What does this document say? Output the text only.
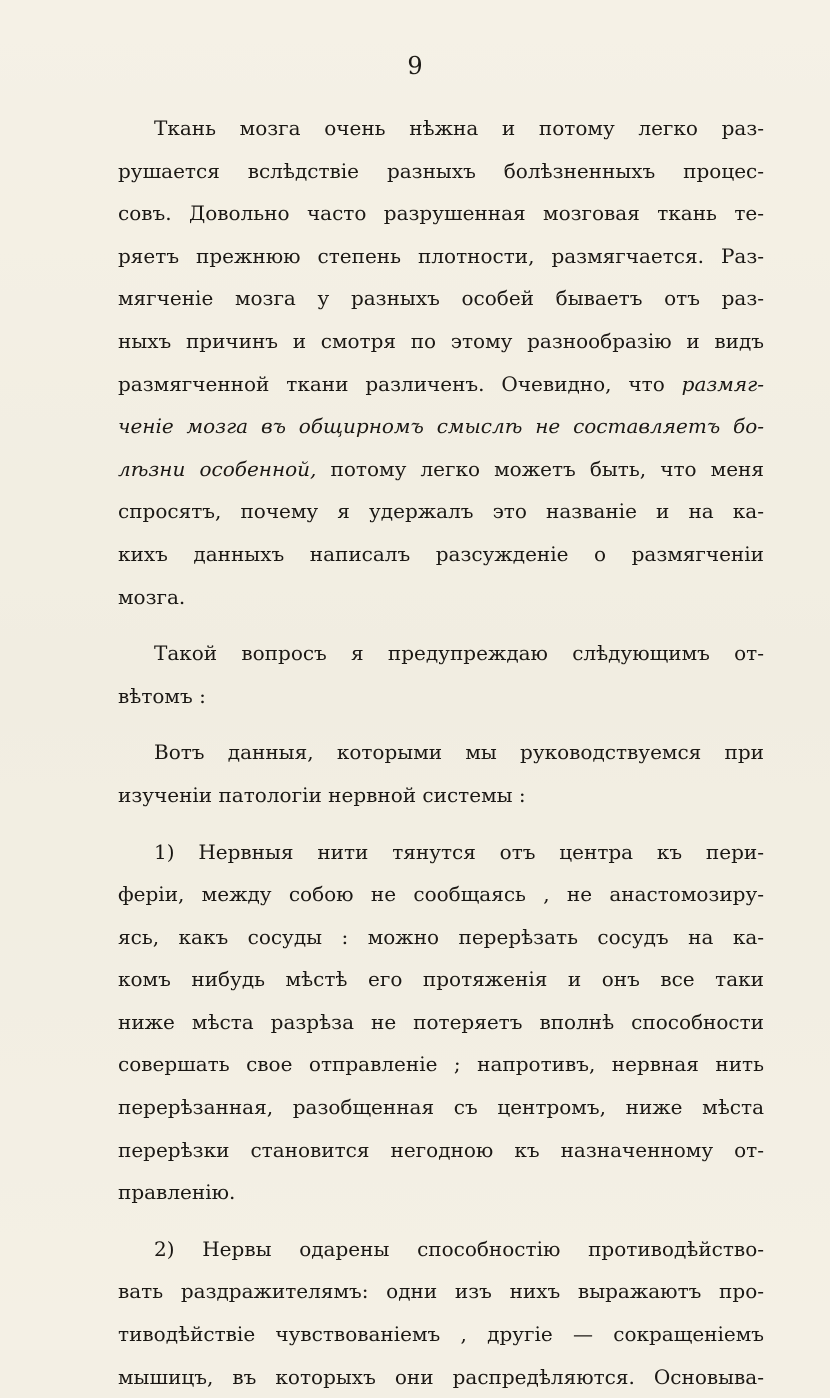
9
Ткань мозга очень нѣжна и потому легко раз-
рушается вслѣдствіе разныхъ болѣзненныхъ процес-
совъ. Довольно часто разрушенная мозговая ткань те-
ряетъ прежнюю степень плотности, размягчается. Раз-
мягченіе мозга у разныхъ особей бываетъ отъ раз-
ныхъ причинъ и смотря по этому разнообразію и видъ
размягченной ткани различенъ. Очевидно, что размяг-
ченіе мозга въ общирномъ смыслѣ не составляетъ бо-
лѣзни особенной, потому легко можетъ быть, что меня
спросятъ, почему я удержалъ это названіе и на ка-
кихъ данныхъ написалъ разсужденіе о размягченіи
мозга.
Такой вопросъ я предупреждаю слѣдующимъ от-
вѣтомъ :
Вотъ данныя, которыми мы руководствуемся при
изученіи патологіи нервной системы :
1) Нервныя нити тянутся отъ центра къ пери-
феріи, между собою не сообщаясь , не анастомозиру-
ясь, какъ сосуды : можно перерѣзать сосудъ на ка-
комъ нибудь мѣстѣ его протяженія и онъ все таки
ниже мѣста разрѣза не потеряетъ вполнѣ способности
совершать свое отправленіе ; напротивъ, нервная нить
перерѣзанная, разобщенная съ центромъ, ниже мѣста
перерѣзки становится негодною къ назначенному от-
правленію.
2) Нервы одарены способностію противодѣйство-
вать раздражителямъ: одни изъ нихъ выражаютъ про-
тиводѣйствіе чувствованіемъ , другіе — сокращеніемъ
мышицъ, въ которыхъ они распредѣляются. Основыва-
